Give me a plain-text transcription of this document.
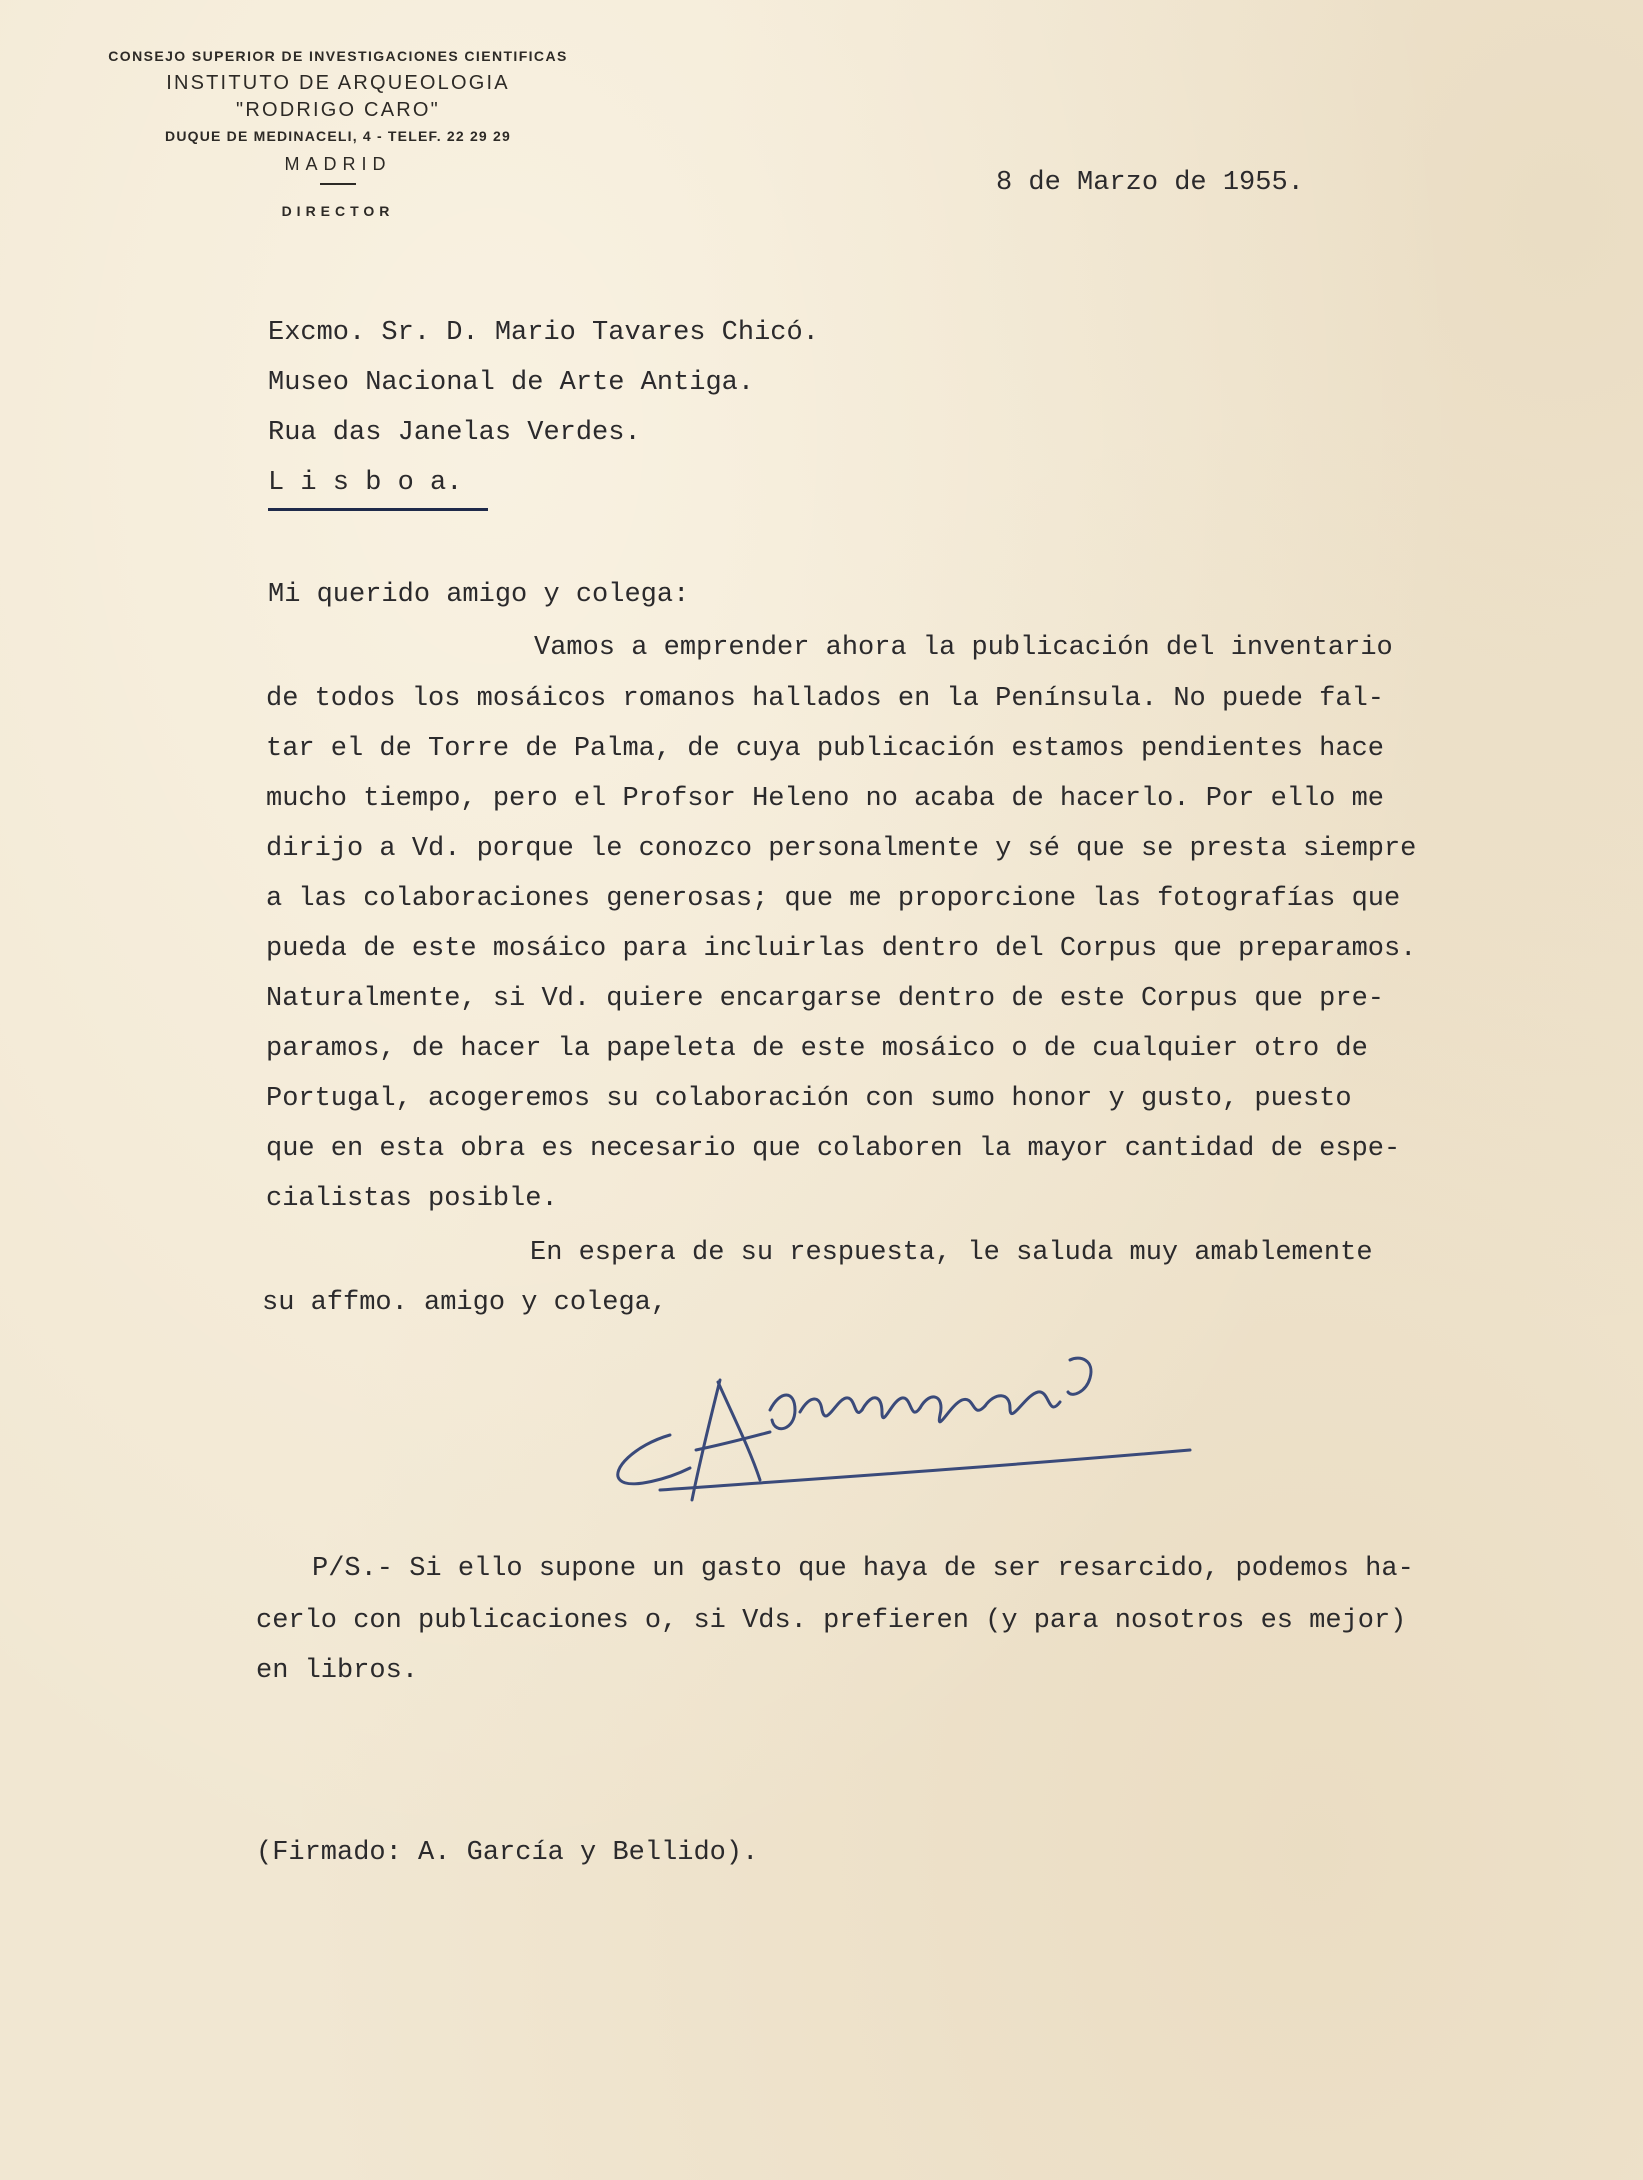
CONSEJO SUPERIOR DE INVESTIGACIONES CIENTIFICAS
INSTITUTO DE ARQUEOLOGIA
"RODRIGO CARO"
DUQUE DE MEDINACELI, 4 - TELEF. 22 29 29
MADRID
DIRECTOR
8 de Marzo de 1955.
Excmo. Sr. D. Mario Tavares Chicó.
Museo Nacional de Arte Antiga.
Rua das Janelas Verdes.
L i s b o a.
Mi querido amigo y colega:
Vamos a emprender ahora la publicación del inventario
de todos los mosáicos romanos hallados en la Península. No puede fal-
tar el de Torre de Palma, de cuya publicación estamos pendientes hace
mucho tiempo, pero el Profsor Heleno no acaba de hacerlo. Por ello me
dirijo a Vd. porque le conozco personalmente y sé que se presta siempre
a las colaboraciones generosas; que me proporcione las fotografías que
pueda de este mosáico para incluirlas dentro del Corpus que preparamos.
Naturalmente, si Vd. quiere encargarse dentro de este Corpus que pre-
paramos, de hacer la papeleta de este mosáico o de cualquier otro de
Portugal, acogeremos su colaboración con sumo honor y gusto, puesto
que en esta obra es necesario que colaboren la mayor cantidad de espe-
cialistas posible.
En espera de su respuesta, le saluda muy amablemente
su affmo. amigo y colega,
P/S.- Si ello supone un gasto que haya de ser resarcido, podemos ha-
cerlo con publicaciones o, si Vds. prefieren (y para nosotros es mejor)
en libros.
(Firmado: A. García y Bellido).
